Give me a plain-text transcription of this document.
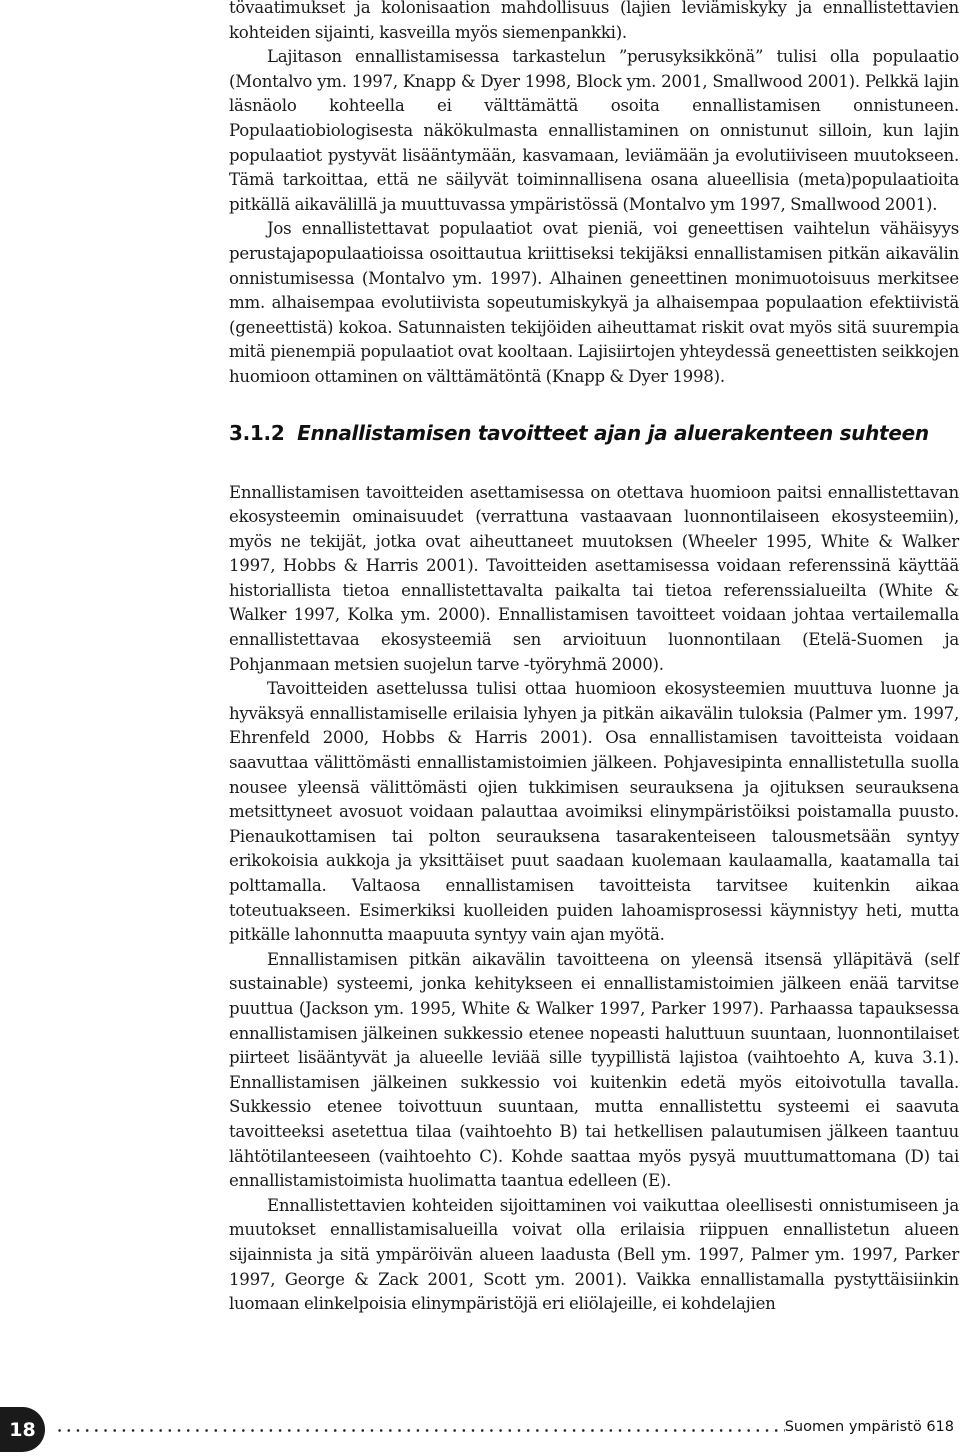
tövaatimukset ja kolonisaation mahdollisuus (lajien leviämiskyky ja ennallistettavien kohteiden sijainti, kasveilla myös siemenpankki).

Lajitason ennallistamisessa tarkastelun ”perusyksikkönä” tulisi olla populaatio (Montalvo ym. 1997, Knapp & Dyer 1998, Block ym. 2001, Smallwood 2001). Pelkkä lajin läsnäolo kohteella ei välttämättä osoita ennallistamisen onnistuneen. Populaatiobiologisesta näkökulmasta ennallistaminen on onnistunut silloin, kun lajin populaatiot pystyvät lisääntymään, kasvamaan, leviämään ja evolutiiviseen muutokseen. Tämä tarkoittaa, että ne säilyvät toiminnallisena osana alueellisia (meta)populaatioita pitkällä aikavälillä ja muuttuvassa ympäristössä (Montalvo ym 1997, Smallwood 2001).

Jos ennallistettavat populaatiot ovat pieniä, voi geneettisen vaihtelun vähäisyys perustajapopulaatioissa osoittautua kriittiseksi tekijäksi ennallistamisen pitkän aikavälin onnistumisessa (Montalvo ym. 1997). Alhainen geneettinen monimuotoisuus merkitsee mm. alhaisempaa evolutiivista sopeutumiskykyä ja alhaisempaa populaation efektiivistä (geneettistä) kokoa. Satunnaisten tekijöiden aiheuttamat riskit ovat myös sitä suurempia mitä pienempiä populaatiot ovat kooltaan. Lajisiirtojen yhteydessä geneettisten seikkojen huomioon ottaminen on välttämätöntä (Knapp & Dyer 1998).

3.1.2 Ennallistamisen tavoitteet ajan ja aluerakenteen suhteen

Ennallistamisen tavoitteiden asettamisessa on otettava huomioon paitsi ennallistettavan ekosysteemin ominaisuudet (verrattuna vastaavaan luonnontilaiseen ekosysteemiin), myös ne tekijät, jotka ovat aiheuttaneet muutoksen (Wheeler 1995, White & Walker 1997, Hobbs & Harris 2001). Tavoitteiden asettamisessa voidaan referenssinä käyttää historiallista tietoa ennallistettavalta paikalta tai tietoa referenssialueilta (White & Walker 1997, Kolka ym. 2000). Ennallistamisen tavoitteet voidaan johtaa vertailemalla ennallistettavaa ekosysteemiä sen arvioituun luonnontilaan (Etelä-Suomen ja Pohjanmaan metsien suojelun tarve -työryhmä 2000).

Tavoitteiden asettelussa tulisi ottaa huomioon ekosysteemien muuttuva luonne ja hyväksyä ennallistamiselle erilaisia lyhyen ja pitkän aikavälin tuloksia (Palmer ym. 1997, Ehrenfeld 2000, Hobbs & Harris 2001). Osa ennallistamisen tavoitteista voidaan saavuttaa välittömästi ennallistamistoimien jälkeen. Pohjavesipinta ennallistetulla suolla nousee yleensä välittömästi ojien tukkimisen seurauksena ja ojituksen seurauksena metsittyneet avosuot voidaan palauttaa avoimiksi elinympäristöiksi poistamalla puusto. Pienaukottamisen tai polton seurauksena tasarakenteiseen talousmetsään syntyy erikokoisia aukkoja ja yksittäiset puut saadaan kuolemaan kaulaamalla, kaatamalla tai polttamalla. Valtaosa ennallistamisen tavoitteista tarvitsee kuitenkin aikaa toteutuakseen. Esimerkiksi kuolleiden puiden lahoamisprosessi käynnistyy heti, mutta pitkälle lahonnutta maapuuta syntyy vain ajan myötä.

Ennallistamisen pitkän aikavälin tavoitteena on yleensä itsensä ylläpitävä (self sustainable) systeemi, jonka kehitykseen ei ennallistamistoimien jälkeen enää tarvitse puuttua (Jackson ym. 1995, White & Walker 1997, Parker 1997). Parhaassa tapauksessa ennallistamisen jälkeinen sukkessio etenee nopeasti haluttuun suuntaan, luonnontilaiset piirteet lisääntyvät ja alueelle leviää sille tyypillistä lajistoa (vaihtoehto A, kuva 3.1). Ennallistamisen jälkeinen sukkessio voi kuitenkin edetä myös eitoivotulla tavalla. Sukkessio etenee toivottuun suuntaan, mutta ennallistettu systeemi ei saavuta tavoitteeksi asetettua tilaa (vaihtoehto B) tai hetkellisen palautumisen jälkeen taantuu lähtötilanteeseen (vaihtoehto C). Kohde saattaa myös pysyä muuttumattomana (D) tai ennallistamistoimista huolimatta taantua edelleen (E).

Ennallistettavien kohteiden sijoittaminen voi vaikuttaa oleellisesti onnistumiseen ja muutokset ennallistamisalueilla voivat olla erilaisia riippuen ennallistetun alueen sijainnista ja sitä ympäröivän alueen laadusta (Bell ym. 1997, Palmer ym. 1997, Parker 1997, George & Zack 2001, Scott ym. 2001). Vaikka ennallistamalla pystyttäisiinkin luomaan elinkelpoisia elinympäristöjä eri eliölajeille, ei kohdelajien

18	Suomen ympäristö 618
